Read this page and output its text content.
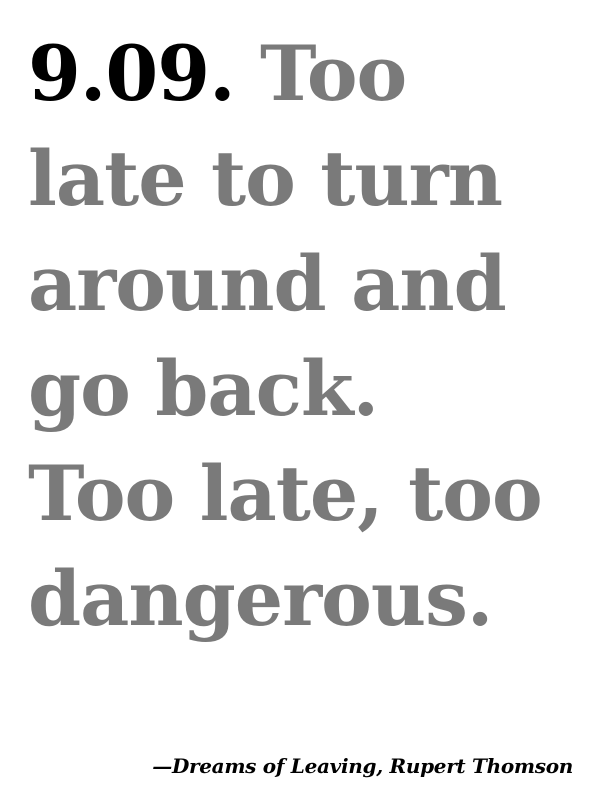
9.09. Too
late to turn
around and
go back.
Too late, too
dangerous.
—Dreams of Leaving, Rupert Thomson
